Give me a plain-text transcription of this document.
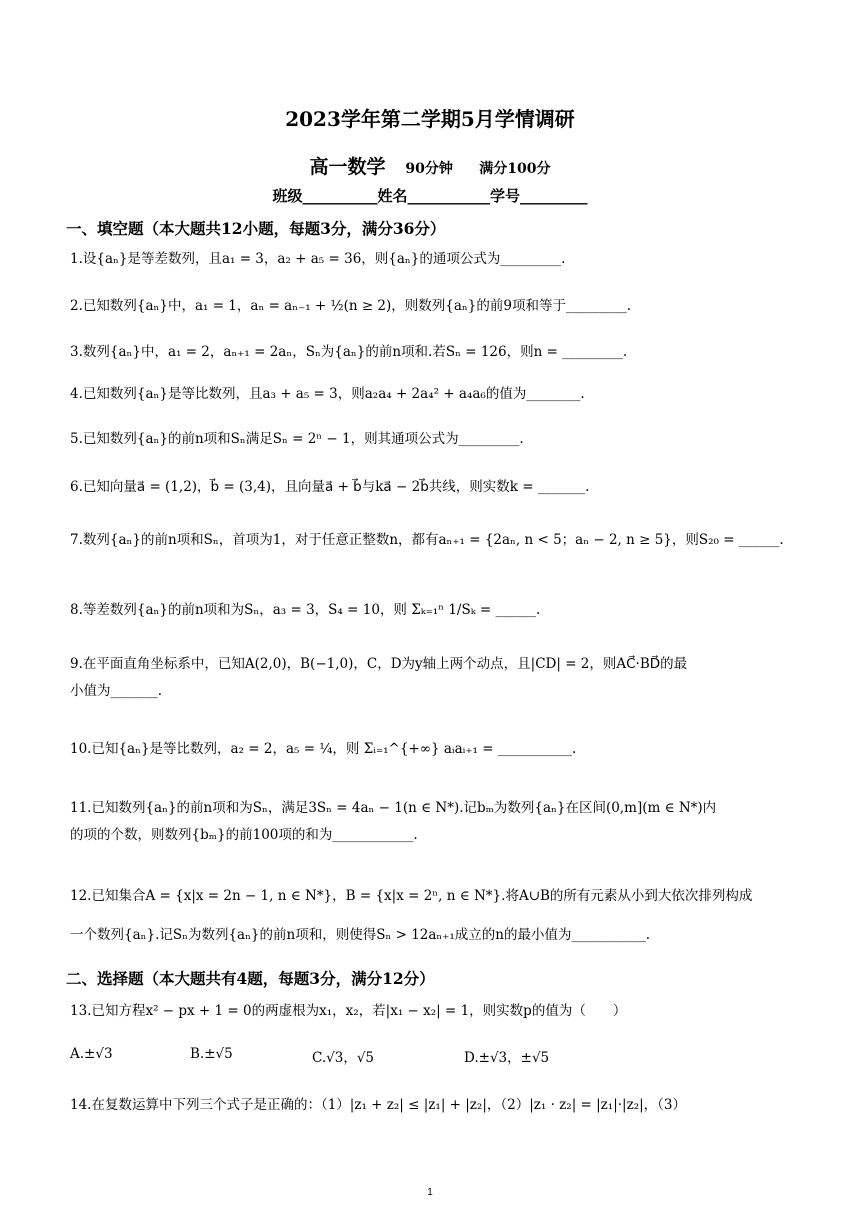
2023学年第二学期5月学情调研
高一数学 90分钟 满分100分
班级__________姓名___________学号_________
一、填空题（本大题共12小题，每题3分，满分36分）
1.设{aₙ}是等差数列，且a₁ = 3，a₂ + a₅ = 36，则{aₙ}的通项公式为_________.
2.已知数列{aₙ}中，a₁ = 1，aₙ = aₙ₋₁ + ½(n ≥ 2)，则数列{aₙ}的前9项和等于_________.
3.数列{aₙ}中，a₁ = 2，aₙ₊₁ = 2aₙ，Sₙ为{aₙ}的前n项和.若Sₙ = 126，则n = _________.
4.已知数列{aₙ}是等比数列，且a₃ + a₅ = 3，则a₂a₄ + 2a₄² + a₄a₆的值为________.
5.已知数列{aₙ}的前n项和Sₙ满足Sₙ = 2ⁿ − 1，则其通项公式为_________.
6.已知向量a⃗ = (1,2)，b⃗ = (3,4)，且向量a⃗ + b⃗与ka⃗ − 2b⃗共线，则实数k = _______.
7.数列{aₙ}的前n项和Sₙ，首项为1，对于任意正整数n，都有aₙ₊₁ = {2aₙ, n < 5；aₙ − 2, n ≥ 5}，则S₂₀ = ______.
8.等差数列{aₙ}的前n项和为Sₙ，a₃ = 3，S₄ = 10，则 Σₖ₌₁ⁿ 1/Sₖ = ______.
9.在平面直角坐标系中，已知A(2,0)，B(−1,0)，C，D为y轴上两个动点，且|CD| = 2，则AC⃗·BD⃗的最
小值为_______.
10.已知{aₙ}是等比数列，a₂ = 2，a₅ = ¼，则 Σᵢ₌₁^{+∞} aᵢaᵢ₊₁ = ___________.
11.已知数列{aₙ}的前n项和为Sₙ，满足3Sₙ = 4aₙ − 1(n ∈ N*).记bₘ为数列{aₙ}在区间(0,m](m ∈ N*)内
的项的个数，则数列{bₘ}的前100项的和为____________.
12.已知集合A = {x|x = 2n − 1, n ∈ N*}，B = {x|x = 2ⁿ, n ∈ N*}.将A∪B的所有元素从小到大依次排列构成
一个数列{aₙ}.记Sₙ为数列{aₙ}的前n项和，则使得Sₙ > 12aₙ₊₁成立的n的最小值为___________.
二、选择题（本大题共有4题，每题3分，满分12分）
13.已知方程x² − px + 1 = 0的两虚根为x₁，x₂，若|x₁ − x₂| = 1，则实数p的值为（　　）
A.±√3	B.±√5	C.√3，√5	D.±√3，±√5
14.在复数运算中下列三个式子是正确的：（1）|z₁ + z₂| ≤ |z₁| + |z₂|，（2）|z₁ · z₂| = |z₁|·|z₂|，（3）
1
